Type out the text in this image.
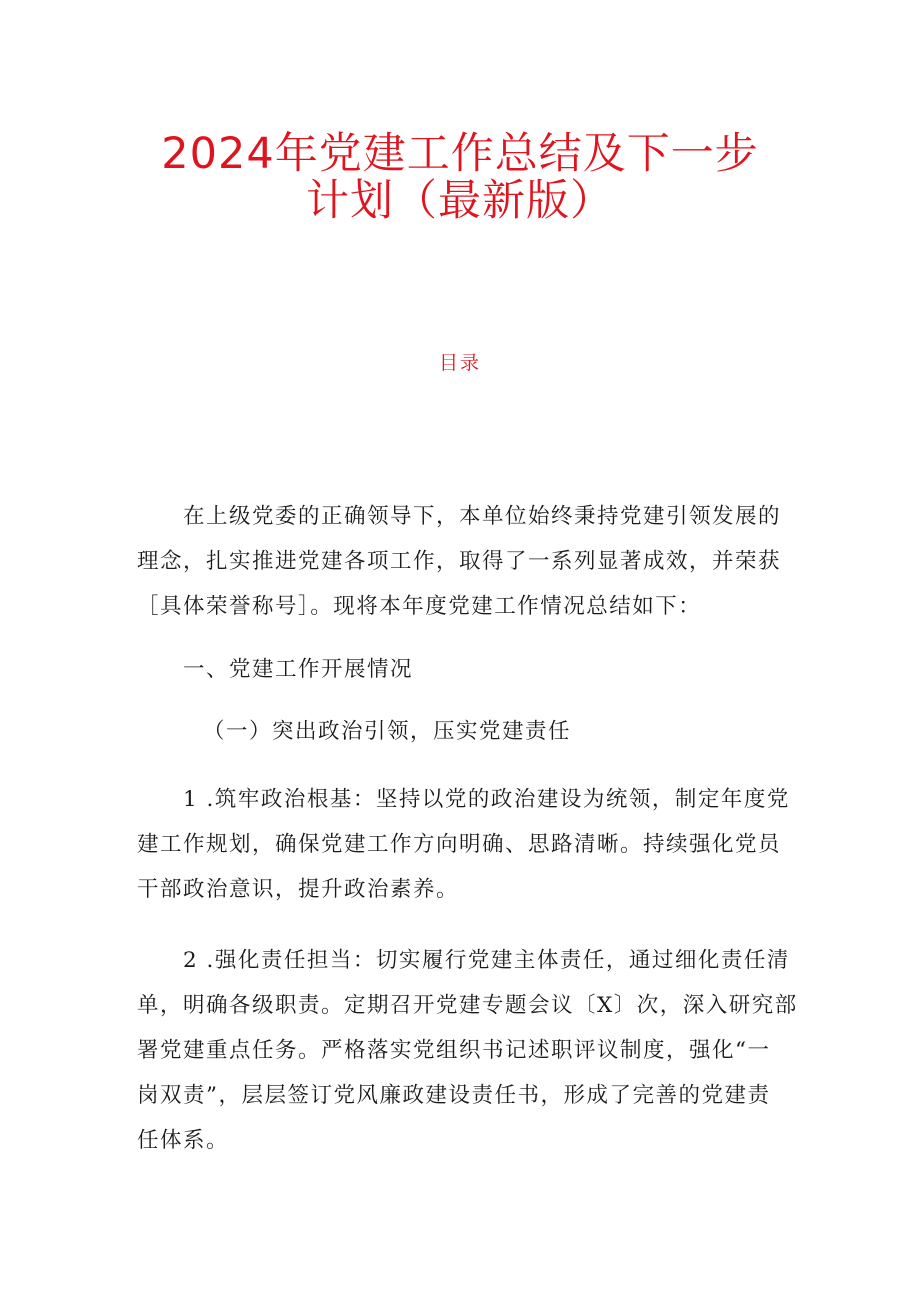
2024年党建工作总结及下一步
计划（最新版）
目录

在上级党委的正确领导下，本单位始终秉持党建引领发展的
理念，扎实推进党建各项工作，取得了一系列显著成效，并荣获
［具体荣誉称号］。现将本年度党建工作情况总结如下：

一、党建工作开展情况
（一）突出政治引领，压实党建责任

1 .筑牢政治根基：坚持以党的政治建设为统领，制定年度党
建工作规划，确保党建工作方向明确、思路清晰。持续强化党员
干部政治意识，提升政治素养。

2 .强化责任担当：切实履行党建主体责任，通过细化责任清
单，明确各级职责。定期召开党建专题会议〔X〕次，深入研究部
署党建重点任务。严格落实党组织书记述职评议制度，强化“一
岗双责”，层层签订党风廉政建设责任书，形成了完善的党建责
任体系。
